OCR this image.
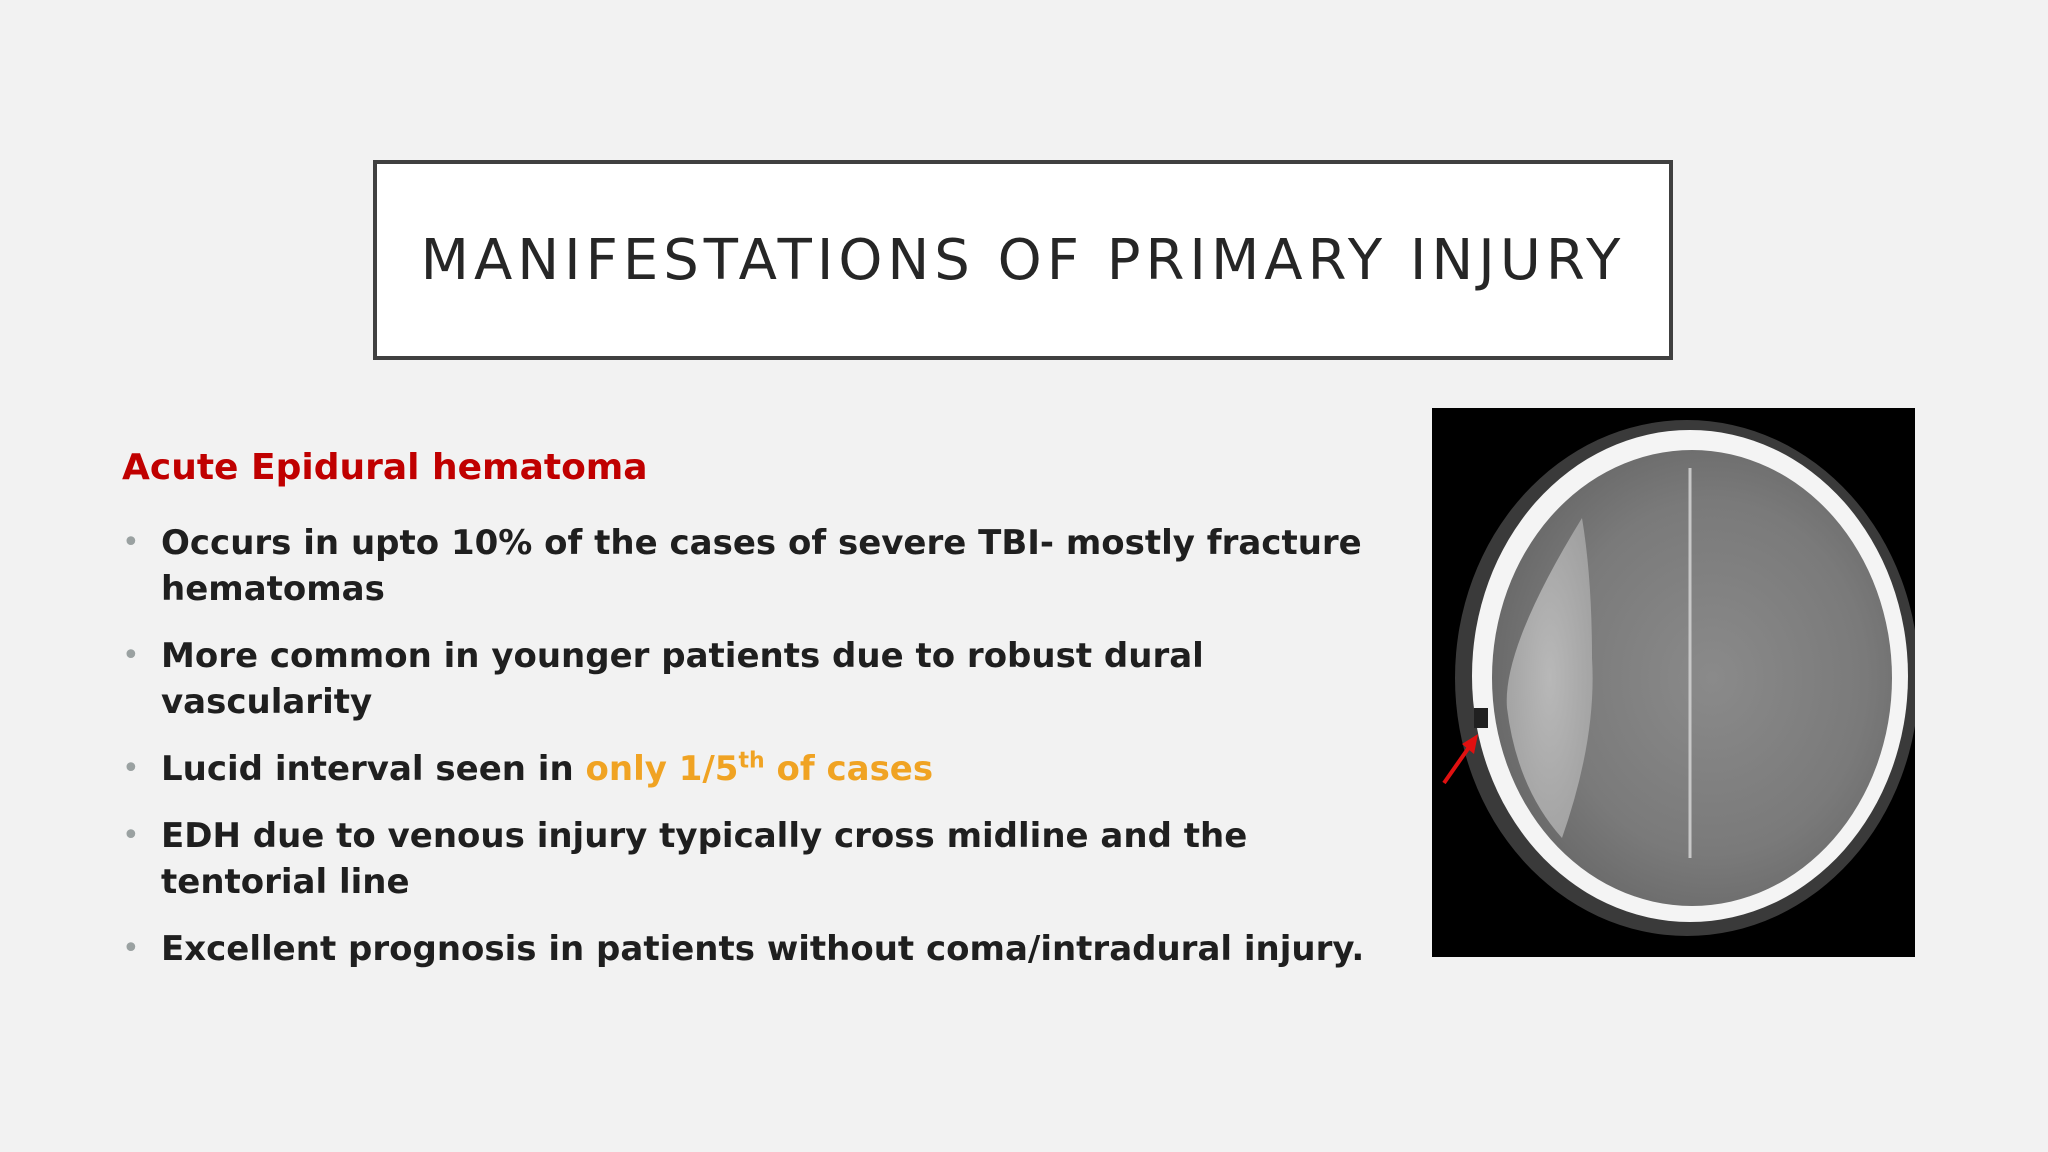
MANIFESTATIONS OF PRIMARY INJURY
Acute Epidural hematoma
• Occurs in upto 10% of the cases of severe TBI- mostly fracture hematomas
• More common in younger patients due to robust dural vascularity
• Lucid interval seen in only 1/5th of cases
• EDH due to venous injury typically cross midline and the tentorial line
• Excellent prognosis in patients without coma/intradural injury.
